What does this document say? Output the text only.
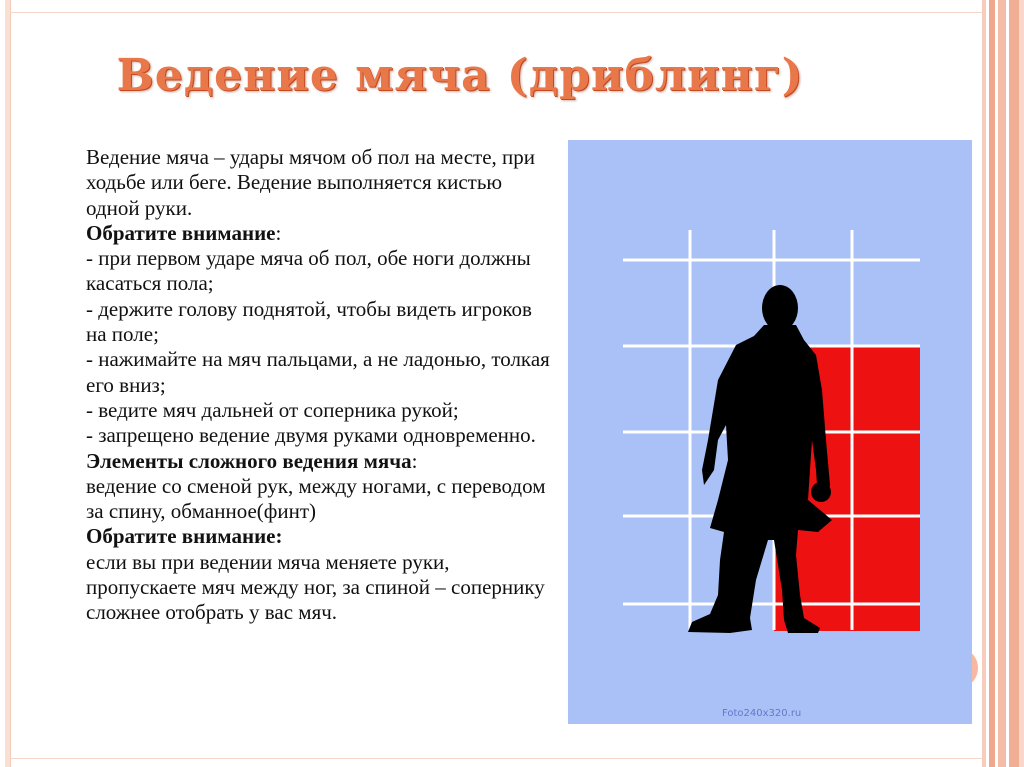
Ведение мяча (дриблинг)

Ведение мяча – удары мячом об пол на месте, при ходьбе или беге. Ведение выполняется кистью одной руки.

Обратите внимание:

- при первом ударе мяча об пол, обе ноги должны касаться пола;

- держите голову поднятой, чтобы видеть игроков на поле;

- нажимайте на мяч пальцами, а не ладонью, толкая его вниз;

- ведите мяч дальней от соперника рукой;

- запрещено ведение двумя руками одновременно.

Элементы сложного ведения мяча:

ведение со сменой рук, между ногами, с переводом за спину, обманное(финт)

Обратите внимание:

если вы при ведении мяча меняете руки, пропускаете мяч между ног, за спиной – сопернику сложнее отобрать у вас мяч.

Foto240x320.ru
